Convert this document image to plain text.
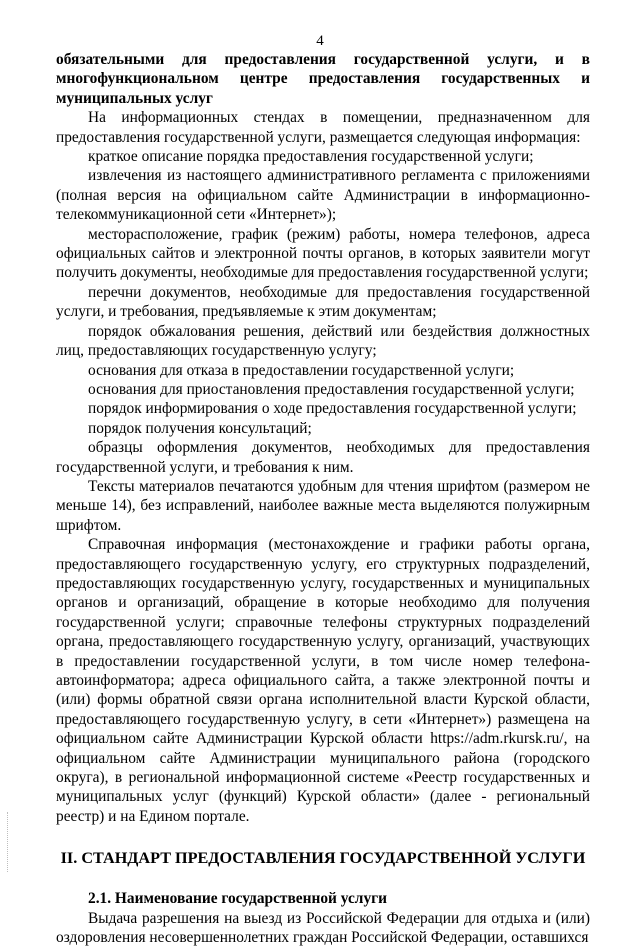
4

обязательными для предоставления государственной услуги, и в многофункциональном центре предоставления государственных и муниципальных услуг

На информационных стендах в помещении, предназначенном для предоставления государственной услуги, размещается следующая информация:

краткое описание порядка предоставления государственной услуги;

извлечения из настоящего административного регламента с приложениями (полная версия на официальном сайте Администрации в информационно-телекоммуникационной сети «Интернет»);

месторасположение, график (режим) работы, номера телефонов, адреса официальных сайтов и электронной почты органов, в которых заявители могут получить документы, необходимые для предоставления государственной услуги;

перечни документов, необходимые для предоставления государственной услуги, и требования, предъявляемые к этим документам;

порядок обжалования решения, действий или бездействия должностных лиц, предоставляющих государственную услугу;

основания для отказа в предоставлении государственной услуги;

основания для приостановления предоставления государственной услуги;

порядок информирования о ходе предоставления государственной услуги;

порядок получения консультаций;

образцы оформления документов, необходимых для предоставления государственной услуги, и требования к ним.

Тексты материалов печатаются удобным для чтения шрифтом (размером не меньше 14), без исправлений, наиболее важные места выделяются полужирным шрифтом.

Справочная информация (местонахождение и графики работы органа, предоставляющего государственную услугу, его структурных подразделений, предоставляющих государственную услугу, государственных и муниципальных органов и организаций, обращение в которые необходимо для получения государственной услуги; справочные телефоны структурных подразделений органа, предоставляющего государственную услугу, организаций, участвующих в предоставлении государственной услуги, в том числе номер телефона-автоинформатора; адреса официального сайта, а также электронной почты и (или) формы обратной связи органа исполнительной власти Курской области, предоставляющего государственную услугу, в сети «Интернет») размещена на официальном сайте Администрации Курской области https://adm.rkursk.ru/, на официальном сайте Администрации муниципального района (городского округа), в региональной информационной системе «Реестр государственных и муниципальных услуг (функций) Курской области» (далее - региональный реестр) и на Едином портале.

II. СТАНДАРТ ПРЕДОСТАВЛЕНИЯ ГОСУДАРСТВЕННОЙ УСЛУГИ

2.1. Наименование государственной услуги

Выдача разрешения на выезд из Российской Федерации для отдыха и (или) оздоровления несовершеннолетних граждан Российской Федерации, оставшихся
